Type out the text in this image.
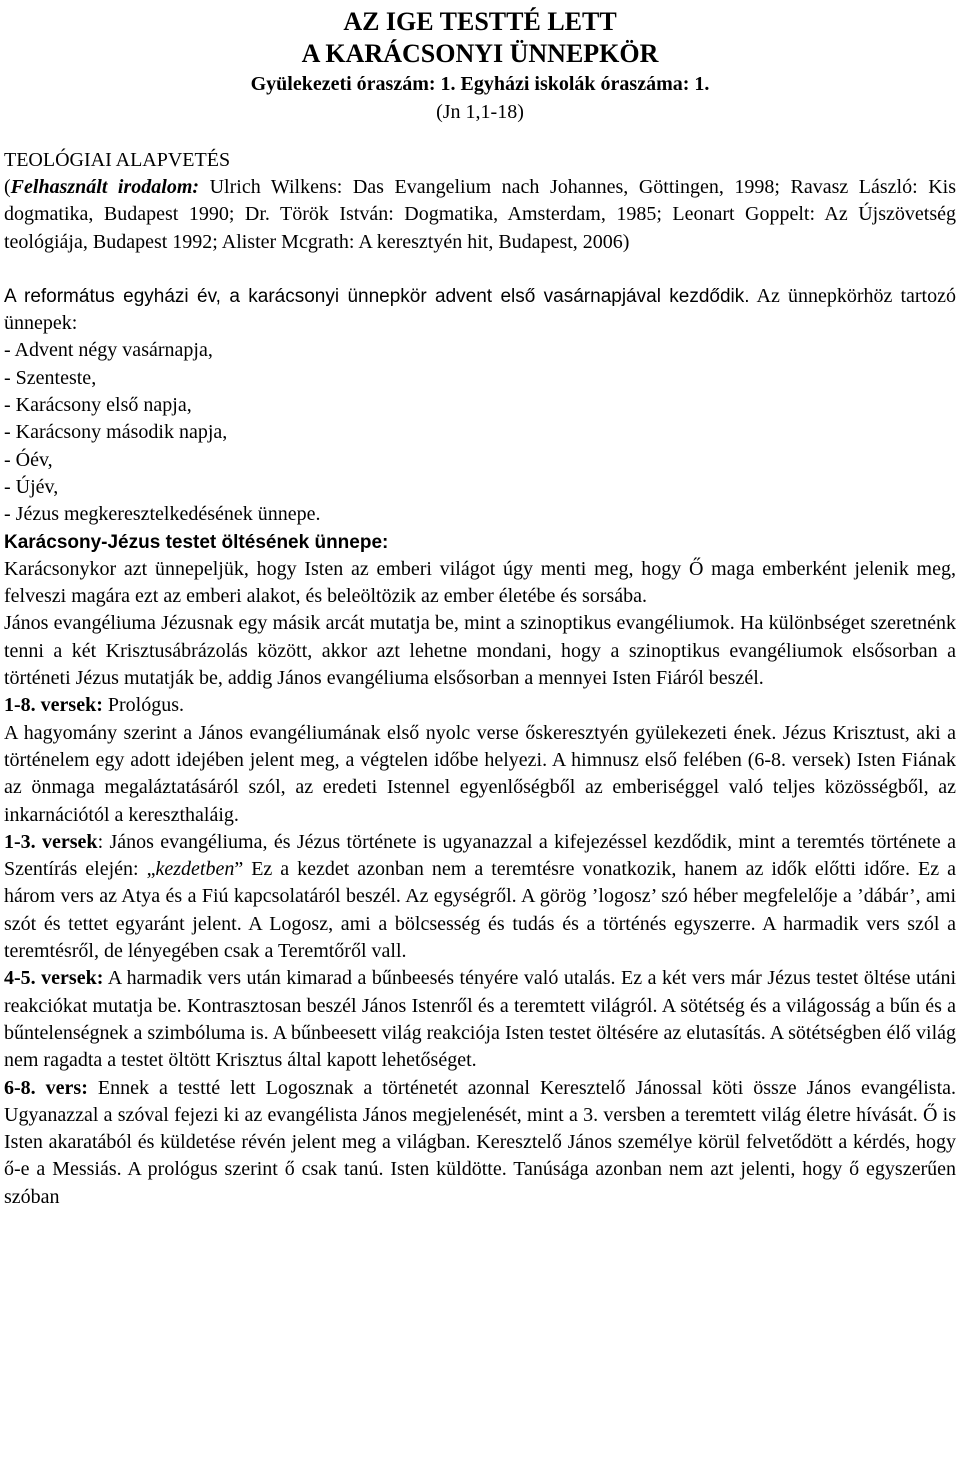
AZ IGE TESTTÉ LETT
A KARÁCSONYI ÜNNEPKÖR
Gyülekezeti óraszám: 1. Egyházi iskolák óraszáma: 1.
(Jn 1,1-18)
TEOLÓGIAI ALAPVETÉS

(Felhasznált irodalom: Ulrich Wilkens: Das Evangelium nach Johannes, Göttingen, 1998; Ravasz László: Kis dogmatika, Budapest 1990; Dr. Török István: Dogmatika, Amsterdam, 1985; Leonart Goppelt: Az Újszövetség teológiája, Budapest 1992; Alister Mcgrath: A keresztyén hit, Budapest, 2006)

A református egyházi év, a karácsonyi ünnepkör advent első vasárnapjával kezdődik. Az ünnepkörhöz tartozó ünnepek:

- Advent négy vasárnapja,
- Szenteste,
- Karácsony első napja,
- Karácsony második napja,
- Óév,
- Újév,
- Jézus megkeresztelkedésének ünnepe.

Karácsony-Jézus testet öltésének ünnepe:

Karácsonykor azt ünnepeljük, hogy Isten az emberi világot úgy menti meg, hogy Ő maga emberként jelenik meg, felveszi magára ezt az emberi alakot, és beleöltözik az ember életébe és sorsába.

János evangéliuma Jézusnak egy másik arcát mutatja be, mint a szinoptikus evangéliumok. Ha különbséget szeretnénk tenni a két Krisztusábrázolás között, akkor azt lehetne mondani, hogy a szinoptikus evangéliumok elsősorban a történeti Jézus mutatják be, addig János evangéliuma elsősorban a mennyei Isten Fiáról beszél.

1-8. versek: Prológus.

A hagyomány szerint a János evangéliumának első nyolc verse őskeresztyén gyülekezeti ének. Jézus Krisztust, aki a történelem egy adott idejében jelent meg, a végtelen időbe helyezi. A himnusz első felében (6-8. versek) Isten Fiának az önmaga megaláztatásáról szól, az eredeti Istennel egyenlőségből az emberiséggel való teljes közösségből, az inkarnációtól a kereszthaláig.

1-3. versek: János evangéliuma, és Jézus története is ugyanazzal a kifejezéssel kezdődik, mint a teremtés története a Szentírás elején: „kezdetben” Ez a kezdet azonban nem a teremtésre vonatkozik, hanem az idők előtti időre. Ez a három vers az Atya és a Fiú kapcsolatáról beszél. Az egységről. A görög ’logosz’ szó héber megfelelője a ’dábár’, ami szót és tettet egyaránt jelent. A Logosz, ami a bölcsesség és tudás és a történés egyszerre. A harmadik vers szól a teremtésről, de lényegében csak a Teremtőről vall.

4-5. versek: A harmadik vers után kimarad a bűnbeesés tényére való utalás. Ez a két vers már Jézus testet öltése utáni reakciókat mutatja be. Kontrasztosan beszél János Istenről és a teremtett világról. A sötétség és a világosság a bűn és a bűntelenségnek a szimbóluma is. A bűnbeesett világ reakciója Isten testet öltésére az elutasítás. A sötétségben élő világ nem ragadta a testet öltött Krisztus által kapott lehetőséget.

6-8. vers: Ennek a testté lett Logosznak a történetét azonnal Keresztelő Jánossal köti össze János evangélista. Ugyanazzal a szóval fejezi ki az evangélista János megjelenését, mint a 3. versben a teremtett világ életre hívását. Ő is Isten akaratából és küldetése révén jelent meg a világban. Keresztelő János személye körül felvetődött a kérdés, hogy ő-e a Messiás. A prológus szerint ő csak tanú. Isten küldötte. Tanúsága azonban nem azt jelenti, hogy ő egyszerűen szóban
